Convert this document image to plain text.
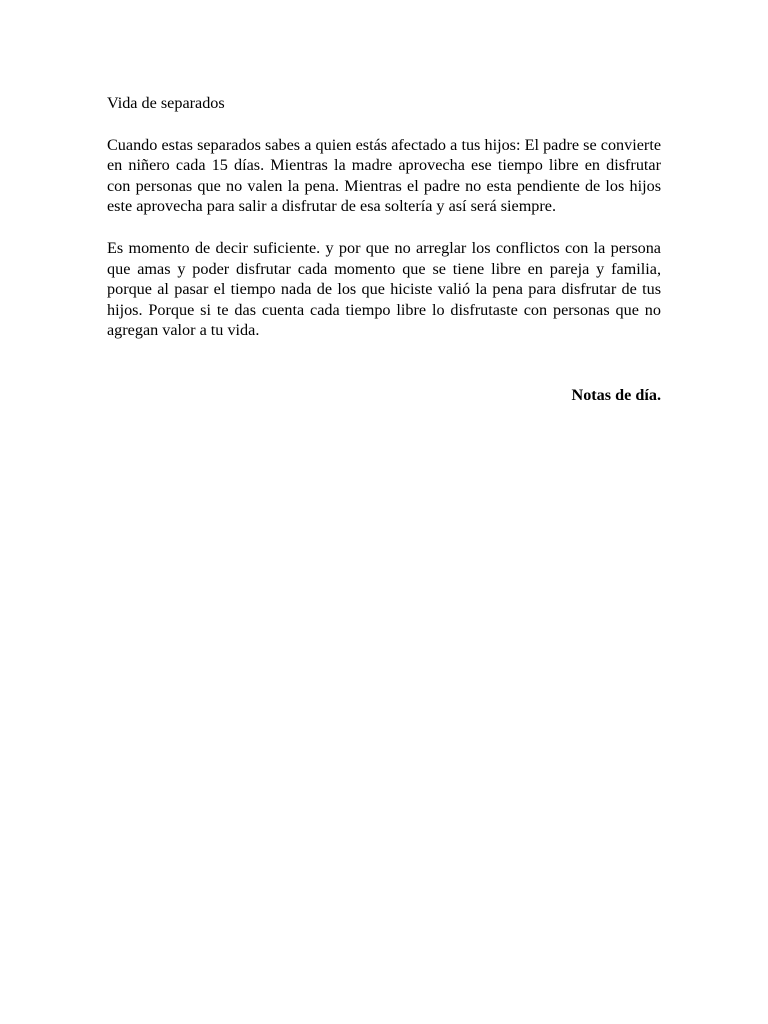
Vida de separados

Cuando estas separados sabes a quien estás afectado a tus hijos: El padre se convierte en niñero cada 15 días. Mientras la madre aprovecha ese tiempo libre en disfrutar con personas que no valen la pena. Mientras el padre no esta pendiente de los hijos este aprovecha para salir a disfrutar de esa soltería y así será siempre.

Es momento de decir suficiente. y por que no arreglar los conflictos con la persona que amas y poder disfrutar cada momento que se tiene libre en pareja y familia, porque al pasar el tiempo nada de los que hiciste valió la pena para disfrutar de tus hijos. Porque si te das cuenta cada tiempo libre lo disfrutaste con personas que no agregan valor a tu vida.

Notas de día.
